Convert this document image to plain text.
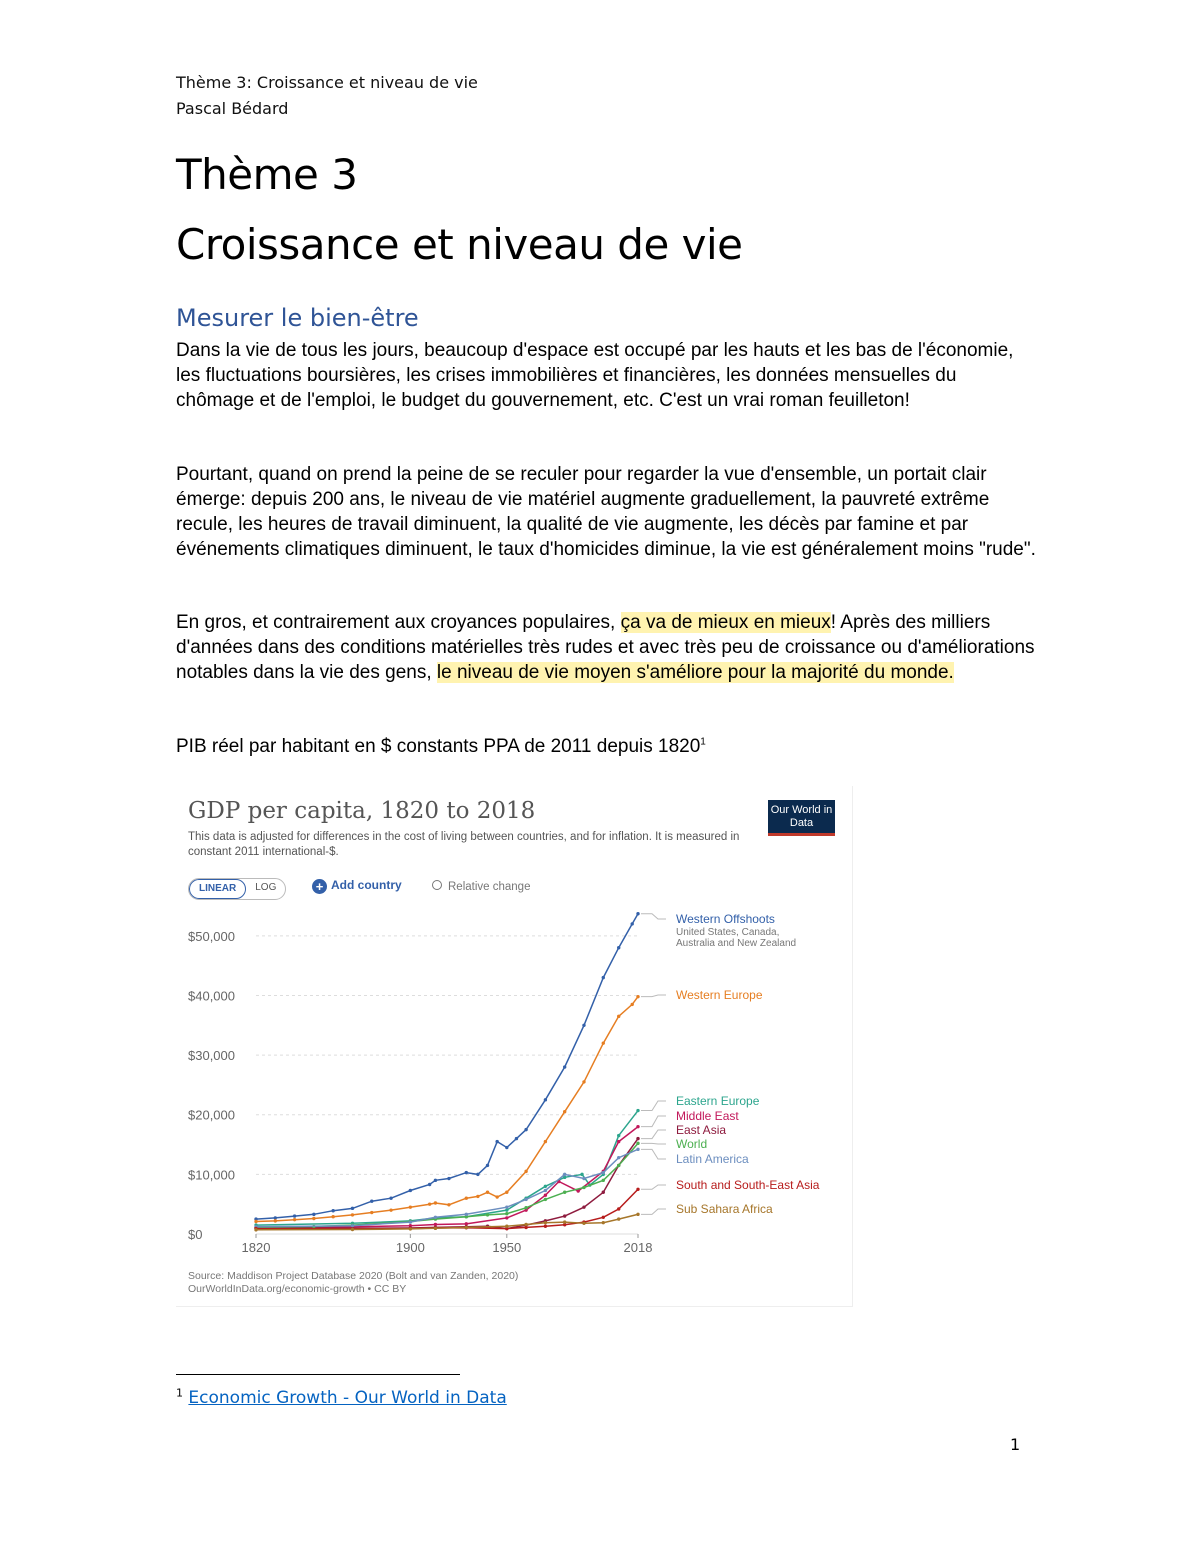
Thème 3: Croissance et niveau de vie
Pascal Bédard
Thème 3
Croissance et niveau de vie
Mesurer le bien-être

Dans la vie de tous les jours, beaucoup d'espace est occupé par les hauts et les bas de l'économie, les fluctuations boursières, les crises immobilières et financières, les données mensuelles du chômage et de l'emploi, le budget du gouvernement, etc. C'est un vrai roman feuilleton!

Pourtant, quand on prend la peine de se reculer pour regarder la vue d'ensemble, un portait clair émerge: depuis 200 ans, le niveau de vie matériel augmente graduellement, la pauvreté extrême recule, les heures de travail diminuent, la qualité de vie augmente, les décès par famine et par événements climatiques diminuent, le taux d'homicides diminue, la vie est généralement moins "rude".

En gros, et contrairement aux croyances populaires, ça va de mieux en mieux! Après des milliers d'années dans des conditions matérielles très rudes et avec très peu de croissance ou d'améliorations notables dans la vie des gens, le niveau de vie moyen s'améliore pour la majorité du monde.

PIB réel par habitant en $ constants PPA de 2011 depuis 1820$^1$

GDP per capita, 1820 to 2018
This data is adjusted for differences in the cost of living between countries, and for inflation. It is measured in constant 2011 international-$.
Our World in Data
LINEAR	LOG	+ Add country	Relative change
$0
$10,000
$20,000
$30,000
$40,000
$50,000
1820	1900	1950	2018
Western Offshoots
United States, Canada,
Australia and New Zealand
Western Europe
Eastern Europe
Middle East
East Asia
World
Latin America
South and South-East Asia
Sub Sahara Africa
Source: Maddison Project Database 2020 (Bolt and van Zanden, 2020)
OurWorldInData.org/economic-growth • CC BY
$^1$ Economic Growth - Our World in Data
1
